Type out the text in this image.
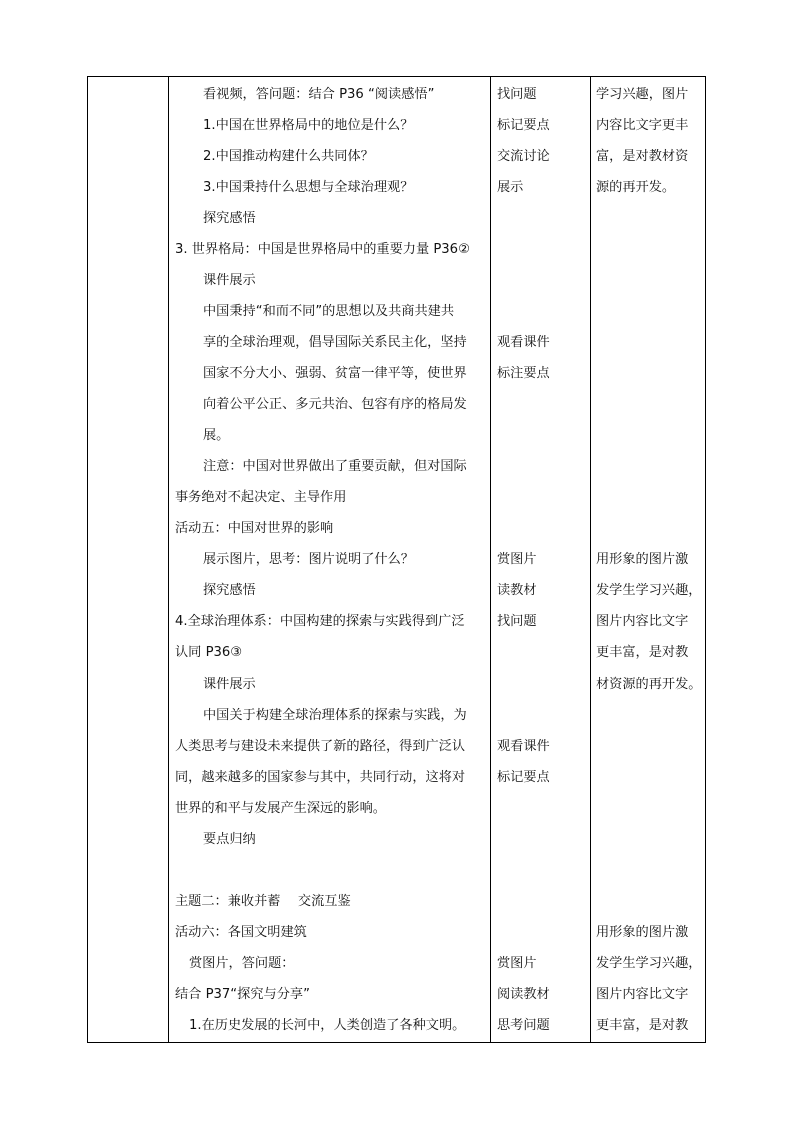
看视频，答问题：结合 P36 “阅读感悟”
1.中国在世界格局中的地位是什么？
2.中国推动构建什么共同体？
3.中国秉持什么思想与全球治理观？
探究感悟
3. 世界格局：中国是世界格局中的重要力量 P36②
课件展示
中国秉持“和而不同”的思想以及共商共建共
享的全球治理观，倡导国际关系民主化，坚持
国家不分大小、强弱、贫富一律平等，使世界
向着公平公正、多元共治、包容有序的格局发
展。
注意：中国对世界做出了重要贡献，但对国际
事务绝对不起决定、主导作用
活动五：中国对世界的影响
展示图片，思考：图片说明了什么？
探究感悟
4.全球治理体系：中国构建的探索与实践得到广泛
认同 P36③
课件展示
中国关于构建全球治理体系的探索与实践，为
人类思考与建设未来提供了新的路径，得到广泛认
同，越来越多的国家参与其中，共同行动，这将对
世界的和平与发展产生深远的影响。
要点归纳
主题二：兼收并蓄 　交流互鉴
活动六：各国文明建筑
赏图片，答问题：
结合 P37“探究与分享”
1.在历史发展的长河中，人类创造了各种文明。
找问题
标记要点
交流讨论
展示
观看课件
标注要点
赏图片
读教材
找问题
观看课件
标记要点
赏图片
阅读教材
思考问题
学习兴趣，图片
内容比文字更丰
富，是对教材资
源的再开发。
用形象的图片激
发学生学习兴趣，
图片内容比文字
更丰富，是对教
材资源的再开发。
用形象的图片激
发学生学习兴趣，
图片内容比文字
更丰富，是对教
